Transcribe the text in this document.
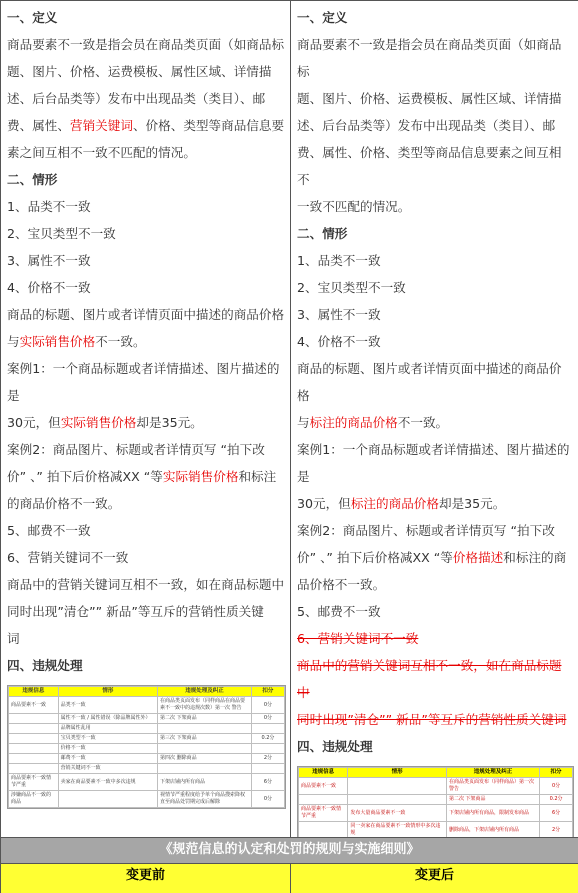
一、定义

商品要素不一致是指会员在商品类页面（如商品标

题、图片、价格、运费模板、属性区域、详情描

述、后台品类等）发布中出现品类（类目）、邮

费、属性、营销关键词、价格、类型等商品信息要

素之间互相不一致不匹配的情况。

二、情形

1、品类不一致

2、宝贝类型不一致

3、属性不一致

4、价格不一致

商品的标题、图片或者详情页面中描述的商品价格

与实际销售价格不一致。

案例1：一个商品标题或者详情描述、图片描述的是

30元，但实际销售价格却是35元。

案例2：商品图片、标题或者详情页写 “拍下改

价” 、” 拍下后价格减XX “等实际销售价格和标注

的商品价格不一致。

5、邮费不一致

6、营销关键词不一致

商品中的营销关键词互相不一致，如在商品标题中

同时出现”清仓”” 新品”等互斥的营销性质关键

词

四、违规处理

违规信息	情形	违规处理及纠正	扣分
商品要素不一致	品类不一致	在商品类页面发布（同样商品在商品要素不一致中的违规次数）第一次 警告	0分
	属性不一致 / 属性错误（除品牌属性外）	第二次 下架商品	0分
	品牌属性乱用		
	宝贝类型不一致	第三次 下架商品	0.2分
	价格不一致		
	邮费不一致	第四次 删除商品	2分
	营销关键词不一致		
商品要素不一致情节严重	卖家在商品要素不一致中多次违规	下架店铺内所有商品	6分
涉嫌商品不一致的商品		视情节严重程度给予单个商品搜索降权直至商品处罚期完成后解除	0分

一、定义

商品要素不一致是指会员在商品类页面（如商品标

题、图片、价格、运费模板、属性区域、详情描

述、后台品类等）发布中出现品类（类目）、邮

费、属性、价格、类型等商品信息要素之间互相不

一致不匹配的情况。

二、情形

1、品类不一致

2、宝贝类型不一致

3、属性不一致

4、价格不一致

商品的标题、图片或者详情页面中描述的商品价格

与标注的商品价格不一致。

案例1：一个商品标题或者详情描述、图片描述的是

30元，但标注的商品价格却是35元。

案例2：商品图片、标题或者详情页写 “拍下改

价” 、” 拍下后价格减XX “等价格描述和标注的商

品价格不一致。

5、邮费不一致

6、营销关键词不一致

商品中的营销关键词互相不一致，如在商品标题中

同时出现”清仓”” 新品”等互斥的营销性质关键词

四、违规处理

违规信息	情形	违规处理及纠正	扣分
商品要素不一致		在商品类页面发布（同样商品）第一次 警告	0分
		第二次 下架商品	0.2分
商品要素不一致情节严重	发布大量商品要素不一致	下架店铺内所有商品，限制发布商品	6分
	同一卖家在商品要素不一致情形中多次违规	删除商品，下架店铺内所有商品	2分

《规范信息的认定和处罚的规则与实施细则》
变更前	变更后
